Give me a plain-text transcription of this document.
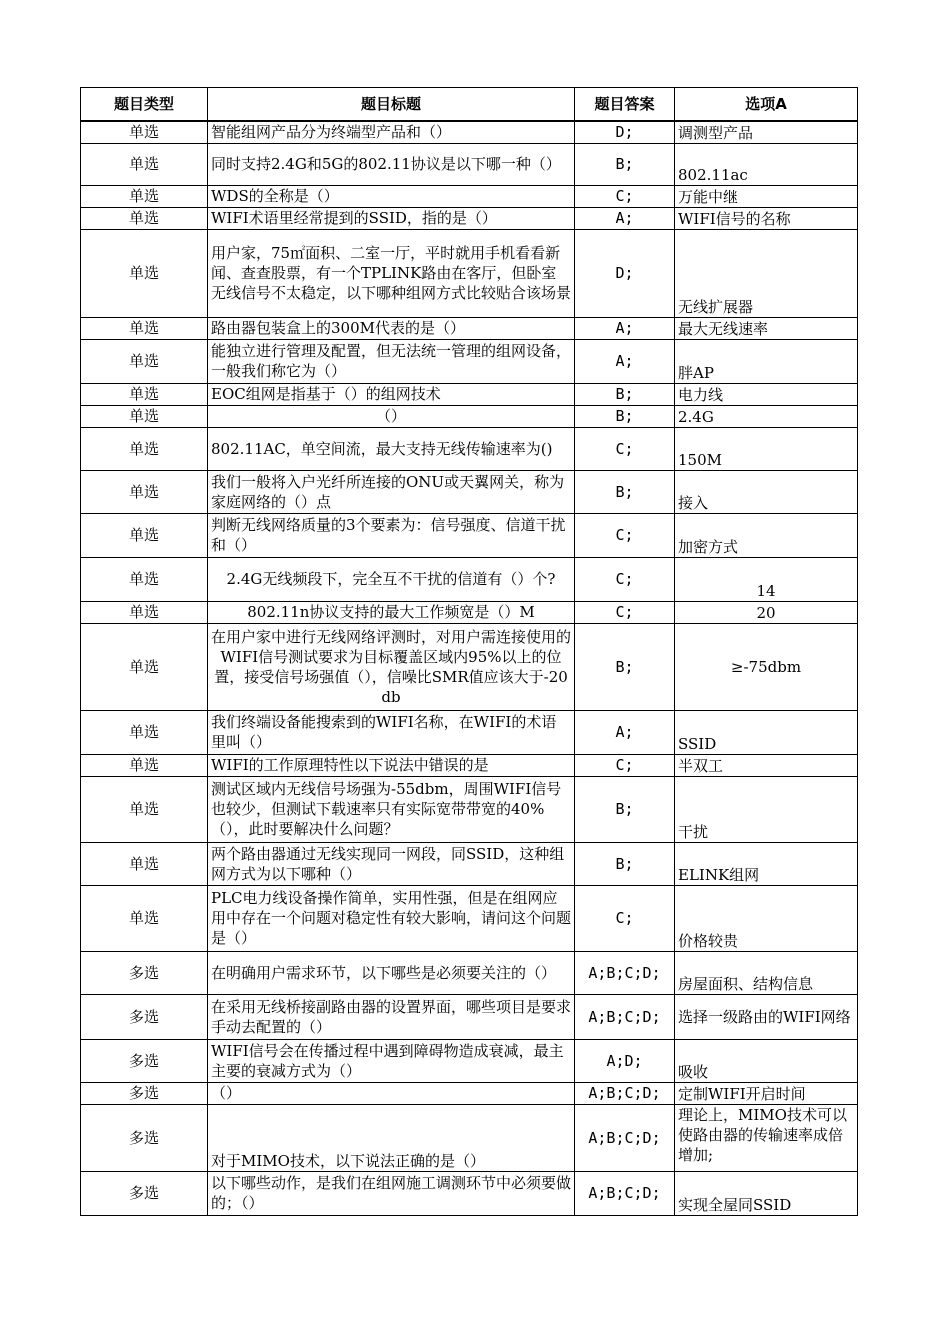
题目类型	题目标题	题目答案	选项A
单选	智能组网产品分为终端型产品和（）	D;	调测型产品
单选	同时支持2.4G和5G的802.11协议是以下哪一种（）	B;	802.11ac
单选	WDS的全称是（）	C;	万能中继
单选	WIFI术语里经常提到的SSID，指的是（）	A;	WIFI信号的名称
单选	用户家，75㎡面积、二室一厅，平时就用手机看看新闻、查查股票，有一个TPLINK路由在客厅，但卧室无线信号不太稳定，以下哪种组网方式比较贴合该场景	D;	无线扩展器
单选	路由器包装盒上的300M代表的是（）	A;	最大无线速率
单选	能独立进行管理及配置，但无法统一管理的组网设备，一般我们称它为（）	A;	胖AP
单选	EOC组网是指基于（）的组网技术	B;	电力线
单选	（）	B;	2.4G
单选	802.11AC，单空间流，最大支持无线传输速率为()	C;	150M
单选	我们一般将入户光纤所连接的ONU或天翼网关，称为家庭网络的（）点	B;	接入
单选	判断无线网络质量的3个要素为：信号强度、信道干扰和（）	C;	加密方式
单选	2.4G无线频段下，完全互不干扰的信道有（）个?	C;	14
单选	802.11n协议支持的最大工作频宽是（）M	C;	20
单选	在用户家中进行无线网络评测时，对用户需连接使用的WIFI信号测试要求为目标覆盖区域内95%以上的位置，接受信号场强值（），信噪比SMR值应该大于-20db	B;	≥-75dbm
单选	我们终端设备能搜索到的WIFI名称，在WIFI的术语里叫（）	A;	SSID
单选	WIFI的工作原理特性以下说法中错误的是	C;	半双工
单选	测试区域内无线信号场强为-55dbm，周围WIFI信号也较少，但测试下载速率只有实际宽带带宽的40%（），此时要解决什么问题？	B;	干扰
单选	两个路由器通过无线实现同一网段，同SSID，这种组网方式为以下哪种（）	B;	ELINK组网
单选	PLC电力线设备操作简单，实用性强，但是在组网应用中存在一个问题对稳定性有较大影响，请问这个问题是（）	C;	价格较贵
多选	在明确用户需求环节，以下哪些是必须要关注的（）	A;B;C;D;	房屋面积、结构信息
多选	在采用无线桥接副路由器的设置界面，哪些项目是要求手动去配置的（）	A;B;C;D;	选择一级路由的WIFI网络
多选	WIFI信号会在传播过程中遇到障碍物造成衰减，最主主要的衰减方式为（）	A;D;	吸收
多选	（）	A;B;C;D;	定制WIFI开启时间
多选	对于MIMO技术，以下说法正确的是（）	A;B;C;D;	理论上，MIMO技术可以使路由器的传输速率成倍增加;
多选	以下哪些动作，是我们在组网施工调测环节中必须要做的；（）	A;B;C;D;	实现全屋同SSID
